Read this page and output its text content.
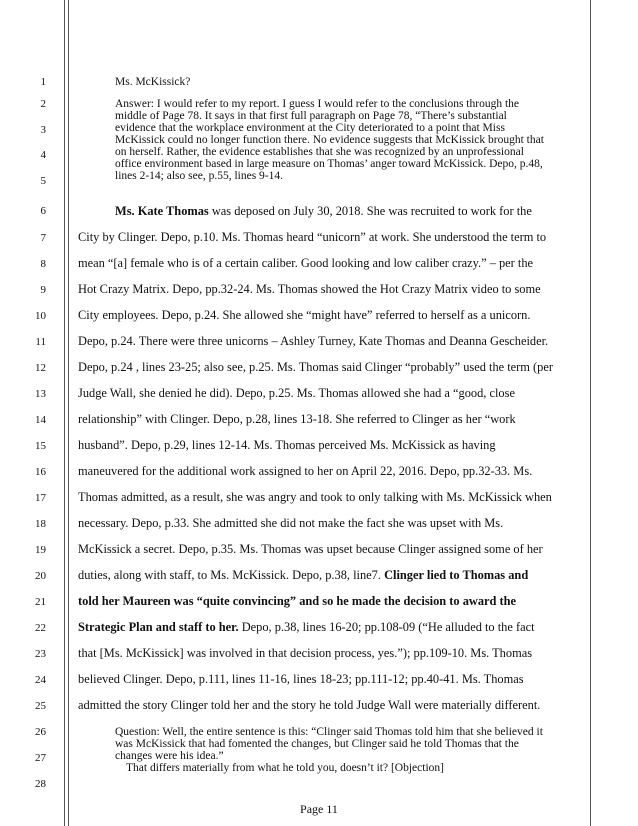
1
2
3
4
5
6
7
8
9
10
11
12
13
14
15
16
17
18
19
20
21
22
23
24
25
26
27
28
Ms. McKissick?
Answer: I would refer to my report. I guess I would refer to the conclusions through the middle of Page 78. It says in that first full paragraph on Page 78, “There’s substantial evidence that the workplace environment at the City deteriorated to a point that Miss McKissick could no longer function there. No evidence suggests that McKissick brought that on herself. Rather, the evidence establishes that she was recognized by an unprofessional office environment based in large measure on Thomas’ anger toward McKissick. Depo, p.48, lines 2-14; also see, p.55, lines 9-14.
Ms. Kate Thomas was deposed on July 30, 2018. She was recruited to work for the
City by Clinger. Depo, p.10. Ms. Thomas heard “unicorn” at work. She understood the term to
mean “[a] female who is of a certain caliber. Good looking and low caliber crazy.” – per the
Hot Crazy Matrix. Depo, pp.32-24. Ms. Thomas showed the Hot Crazy Matrix video to some
City employees. Depo, p.24. She allowed she “might have” referred to herself as a unicorn.
Depo, p.24. There were three unicorns – Ashley Turney, Kate Thomas and Deanna Gescheider.
Depo, p.24 , lines 23-25; also see, p.25. Ms. Thomas said Clinger “probably” used the term (per
Judge Wall, she denied he did). Depo, p.25. Ms. Thomas allowed she had a “good, close
relationship” with Clinger. Depo, p.28, lines 13-18. She referred to Clinger as her “work
husband”. Depo, p.29, lines 12-14. Ms. Thomas perceived Ms. McKissick as having
maneuvered for the additional work assigned to her on April 22, 2016. Depo, pp.32-33. Ms.
Thomas admitted, as a result, she was angry and took to only talking with Ms. McKissick when
necessary. Depo, p.33. She admitted she did not make the fact she was upset with Ms.
McKissick a secret. Depo, p.35. Ms. Thomas was upset because Clinger assigned some of her
duties, along with staff, to Ms. McKissick. Depo, p.38, line7. Clinger lied to Thomas and
told her Maureen was “quite convincing” and so he made the decision to award the
Strategic Plan and staff to her. Depo, p.38, lines 16-20; pp.108-09 (“He alluded to the fact
that [Ms. McKissick] was involved in that decision process, yes.”); pp.109-10. Ms. Thomas
believed Clinger. Depo, p.111, lines 11-16, lines 18-23; pp.111-12; pp.40-41. Ms. Thomas
admitted the story Clinger told her and the story he told Judge Wall were materially different.
Question: Well, the entire sentence is this: “Clinger said Thomas told him that she believed it was McKissick that had fomented the changes, but Clinger said he told Thomas that the changes were his idea.”
That differs materially from what he told you, doesn’t it? [Objection]
Page 11
